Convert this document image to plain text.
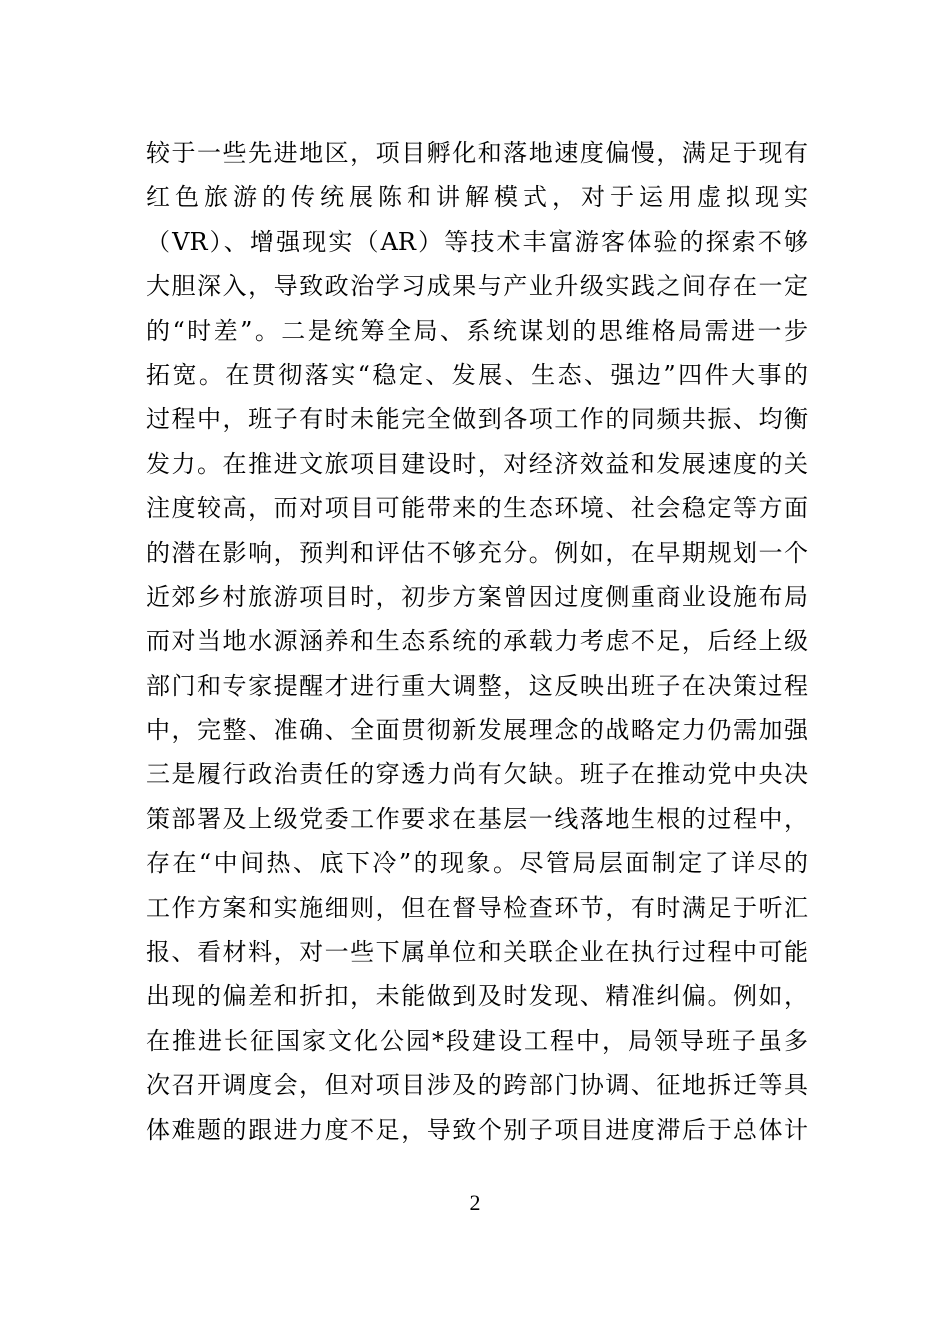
较于一些先进地区，项目孵化和落地速度偏慢，满足于现有
红色旅游的传统展陈和讲解模式，对于运用虚拟现实
（VR）、增强现实（AR）等技术丰富游客体验的探索不够
大胆深入，导致政治学习成果与产业升级实践之间存在一定
的“时差”。二是统筹全局、系统谋划的思维格局需进一步
拓宽。在贯彻落实“稳定、发展、生态、强边”四件大事的
过程中，班子有时未能完全做到各项工作的同频共振、均衡
发力。在推进文旅项目建设时，对经济效益和发展速度的关
注度较高，而对项目可能带来的生态环境、社会稳定等方面
的潜在影响，预判和评估不够充分。例如，在早期规划一个
近郊乡村旅游项目时，初步方案曾因过度侧重商业设施布局
而对当地水源涵养和生态系统的承载力考虑不足，后经上级
部门和专家提醒才进行重大调整，这反映出班子在决策过程
中，完整、准确、全面贯彻新发展理念的战略定力仍需加强
三是履行政治责任的穿透力尚有欠缺。班子在推动党中央决
策部署及上级党委工作要求在基层一线落地生根的过程中，
存在“中间热、底下冷”的现象。尽管局层面制定了详尽的
工作方案和实施细则，但在督导检查环节，有时满足于听汇
报、看材料，对一些下属单位和关联企业在执行过程中可能
出现的偏差和折扣，未能做到及时发现、精准纠偏。例如，
在推进长征国家文化公园*段建设工程中，局领导班子虽多
次召开调度会，但对项目涉及的跨部门协调、征地拆迁等具
体难题的跟进力度不足，导致个别子项目进度滞后于总体计
2
